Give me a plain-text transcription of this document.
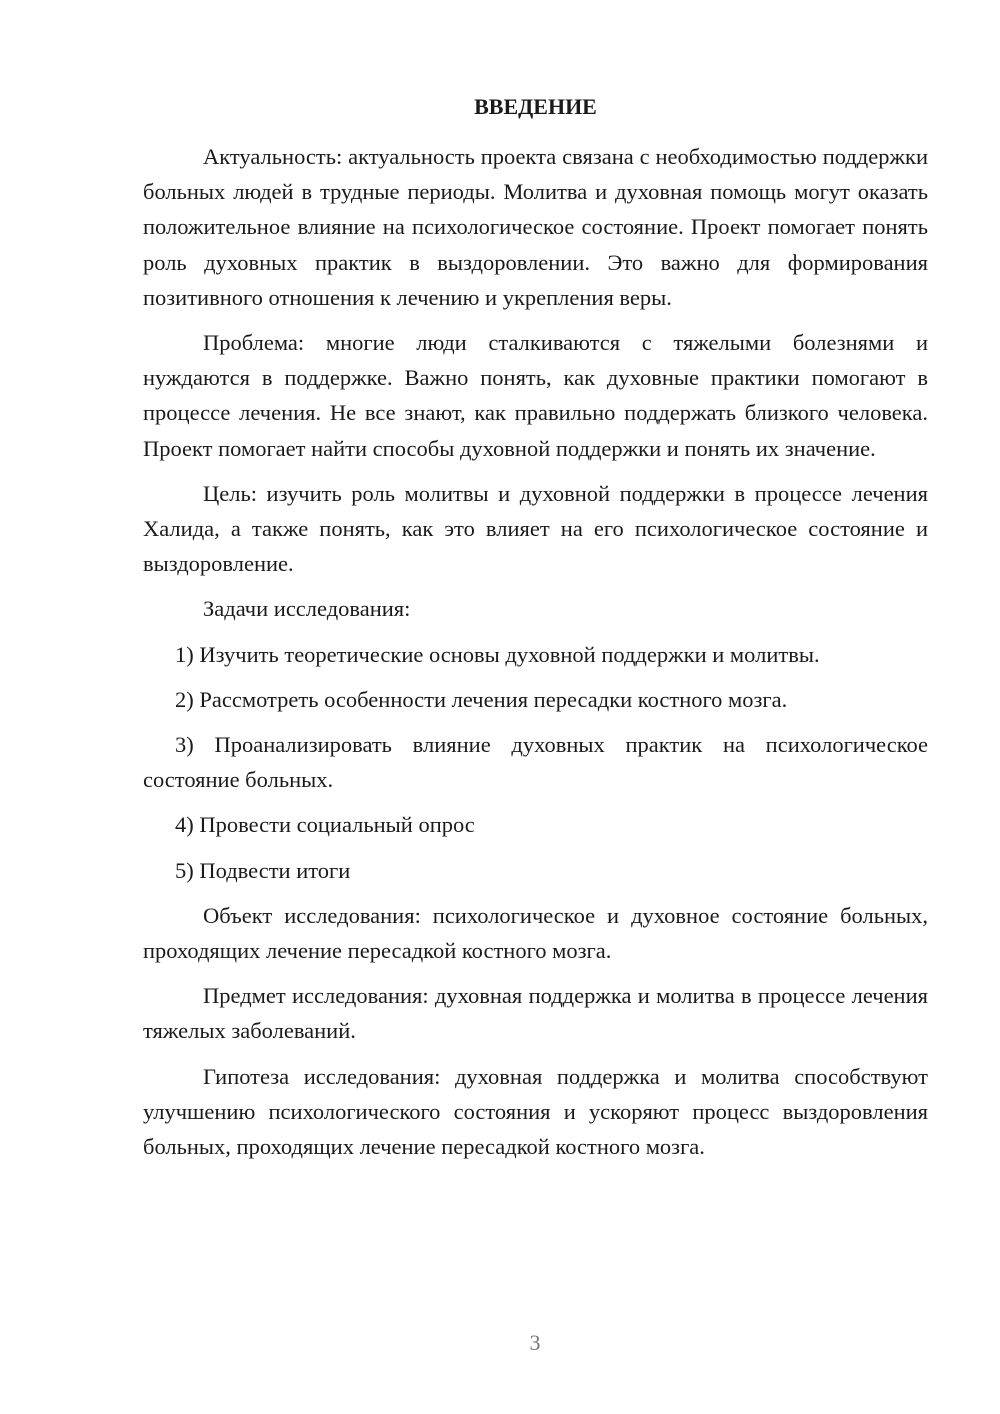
ВВЕДЕНИЕ

Актуальность: актуальность проекта связана с необходимостью поддержки больных людей в трудные периоды. Молитва и духовная помощь могут оказать положительное влияние на психологическое состояние. Проект помогает понять роль духовных практик в выздоровлении. Это важно для формирования позитивного отношения к лечению и укрепления веры.

Проблема: многие люди сталкиваются с тяжелыми болезнями и нуждаются в поддержке. Важно понять, как духовные практики помогают в процессе лечения. Не все знают, как правильно поддержать близкого человека. Проект помогает найти способы духовной поддержки и понять их значение.

Цель: изучить роль молитвы и духовной поддержки в процессе лечения Халида, а также понять, как это влияет на его психологическое состояние и выздоровление.

Задачи исследования:

1) Изучить теоретические основы духовной поддержки и молитвы.

2) Рассмотреть особенности лечения пересадки костного мозга.

3) Проанализировать влияние духовных практик на психологическое состояние больных.

4) Провести социальный опрос

5) Подвести итоги

Объект исследования: психологическое и духовное состояние больных, проходящих лечение пересадкой костного мозга.

Предмет исследования: духовная поддержка и молитва в процессе лечения тяжелых заболеваний.

Гипотеза исследования: духовная поддержка и молитва способствуют улучшению психологического состояния и ускоряют процесс выздоровления больных, проходящих лечение пересадкой костного мозга.

3
